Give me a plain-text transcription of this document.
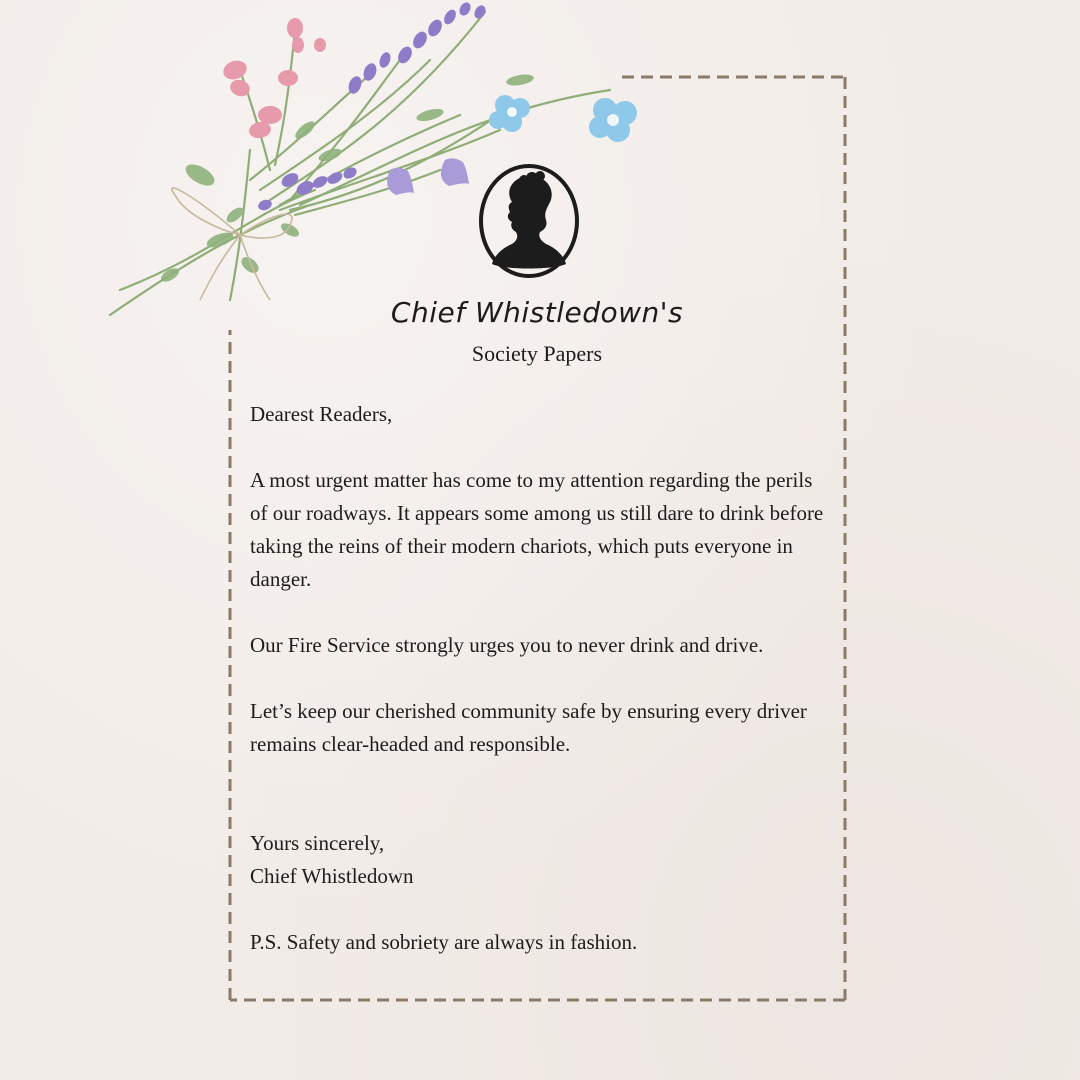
Chief Whistledown's
Society Papers

Dearest Readers,

A most urgent matter has come to my attention regarding the perils of our roadways. It appears some among us still dare to drink before taking the reins of their modern chariots, which puts everyone in danger.

Our Fire Service strongly urges you to never drink and drive.

Let’s keep our cherished community safe by ensuring every driver remains clear-headed and responsible.

Yours sincerely,

Chief Whistledown

P.S. Safety and sobriety are always in fashion.
